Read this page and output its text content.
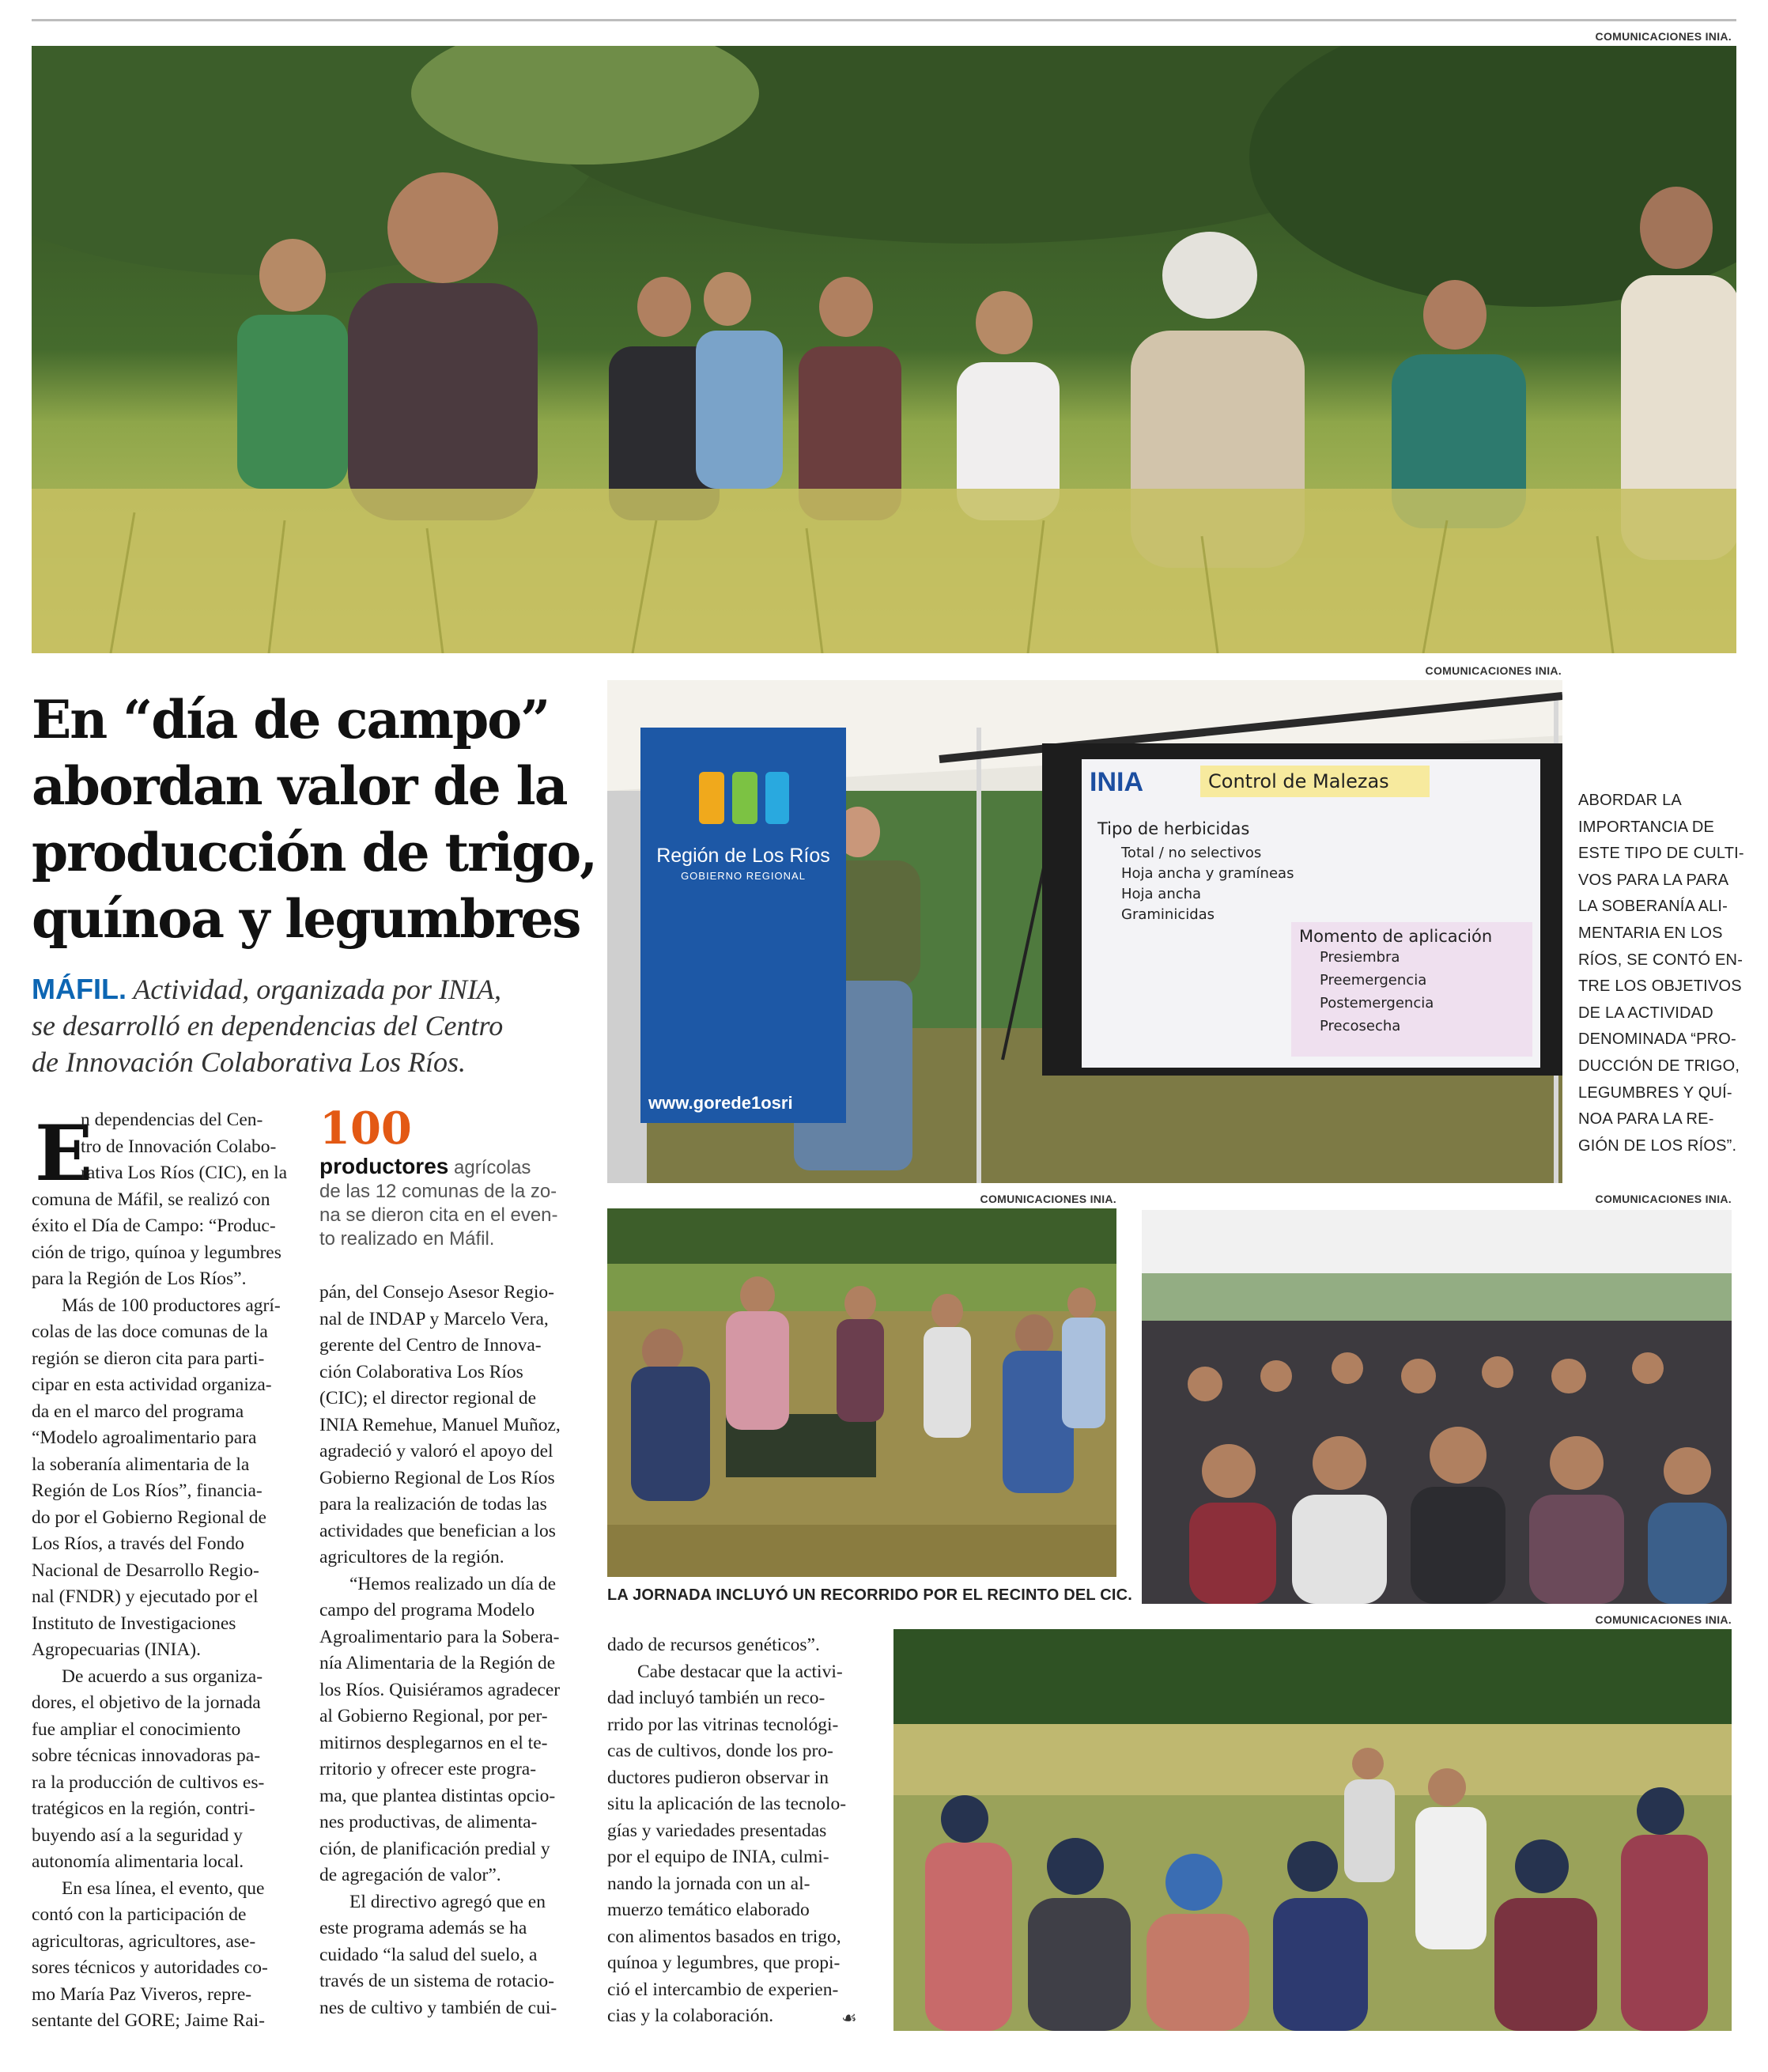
COMUNICACIONES INIA.
En “día de campo”
abordan valor de la
producción de trigo,
quínoa y legumbres
MÁFIL. Actividad, organizada por INIA,
se desarrolló en dependencias del Centro
de Innovación Colaborativa Los Ríos.
COMUNICACIONES INIA.
Región de Los Ríos
GOBIERNO REGIONAL
www.gorede1osri
INIA	Control de Malezas
Tipo de herbicidas
Total / no selectivos
Hoja ancha y gramíneas
Hoja ancha
Graminicidas
Momento de aplicación
Presiembra
Preemergencia
Postemergencia
Precosecha
ABORDAR LA
IMPORTANCIA DE
ESTE TIPO DE CULTI-
VOS PARA LA PARA
LA SOBERANÍA ALI-
MENTARIA EN LOS
RÍOS, SE CONTÓ EN-
TRE LOS OBJETIVOS
DE LA ACTIVIDAD
DENOMINADA “PRO-
DUCCIÓN DE TRIGO,
LEGUMBRES Y QUÍ-
NOA PARA LA RE-
GIÓN DE LOS RÍOS”.
COMUNICACIONES INIA.
LA JORNADA INCLUYÓ UN RECORRIDO POR EL RECINTO DEL CIC.
COMUNICACIONES INIA.
COMUNICACIONES INIA.
E
n dependencias del Cen-
tro de Innovación Colabo-
rativa Los Ríos (CIC), en la
comuna de Máfil, se realizó con
éxito el Día de Campo: “Produc-
ción de trigo, quínoa y legumbres
para la Región de Los Ríos”.
Más de 100 productores agrí-
colas de las doce comunas de la
región se dieron cita para parti-
cipar en esta actividad organiza-
da en el marco del programa
“Modelo agroalimentario para
la soberanía alimentaria de la
Región de Los Ríos”, financia-
do por el Gobierno Regional de
Los Ríos, a través del Fondo
Nacional de Desarrollo Regio-
nal (FNDR) y ejecutado por el
Instituto de Investigaciones
Agropecuarias (INIA).
De acuerdo a sus organiza-
dores, el objetivo de la jornada
fue ampliar el conocimiento
sobre técnicas innovadoras pa-
ra la producción de cultivos es-
tratégicos en la región, contri-
buyendo así a la seguridad y
autonomía alimentaria local.
En esa línea, el evento, que
contó con la participación de
agricultoras, agricultores, ase-
sores técnicos y autoridades co-
mo María Paz Viveros, repre-
sentante del GORE; Jaime Rai-
100
productores agrícolas
de las 12 comunas de la zo-
na se dieron cita en el even-
to realizado en Máfil.
pán, del Consejo Asesor Regio-
nal de INDAP y Marcelo Vera,
gerente del Centro de Innova-
ción Colaborativa Los Ríos
(CIC); el director regional de
INIA Remehue, Manuel Muñoz,
agradeció y valoró el apoyo del
Gobierno Regional de Los Ríos
para la realización de todas las
actividades que benefician a los
agricultores de la región.
“Hemos realizado un día de
campo del programa Modelo
Agroalimentario para la Sobera-
nía Alimentaria de la Región de
los Ríos. Quisiéramos agradecer
al Gobierno Regional, por per-
mitirnos desplegarnos en el te-
rritorio y ofrecer este progra-
ma, que plantea distintas opcio-
nes productivas, de alimenta-
ción, de planificación predial y
de agregación de valor”.
El directivo agregó que en
este programa además se ha
cuidado “la salud del suelo, a
través de un sistema de rotacio-
nes de cultivo y también de cui-
dado de recursos genéticos”.
Cabe destacar que la activi-
dad incluyó también un reco-
rrido por las vitrinas tecnológi-
cas de cultivos, donde los pro-
ductores pudieron observar in
situ la aplicación de las tecnolo-
gías y variedades presentadas
por el equipo de INIA, culmi-
nando la jornada con un al-
muerzo temático elaborado
con alimentos basados en trigo,
quínoa y legumbres, que propi-
ció el intercambio de experien-
cias y la colaboración.	☙
